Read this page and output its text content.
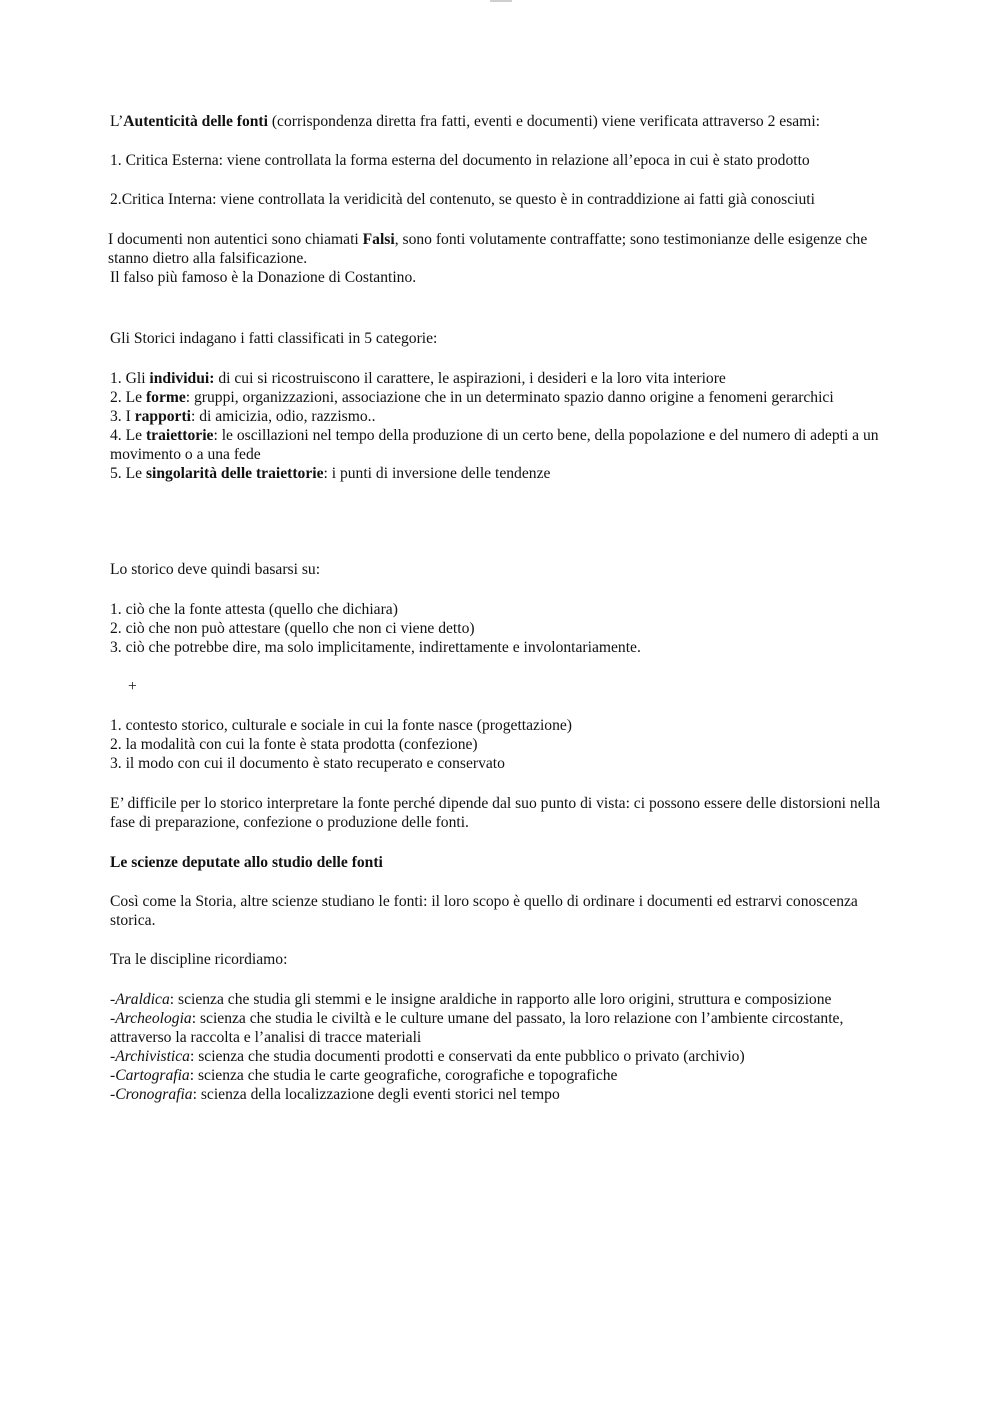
L’Autenticità delle fonti (corrispondenza diretta fra fatti, eventi e documenti) viene verificata attraverso 2 esami:

1. Critica Esterna: viene controllata la forma esterna del documento in relazione all’epoca in cui è stato prodotto

2.Critica Interna: viene controllata la veridicità del contenuto, se questo è in contraddizione ai fatti già conosciuti

I documenti non autentici sono chiamati Falsi, sono fonti volutamente contraffatte; sono testimonianze delle esigenze che stanno dietro alla falsificazione.

Il falso più famoso è la Donazione di Costantino.

Gli Storici indagano i fatti classificati in 5 categorie:

1. Gli individui: di cui si ricostruiscono il carattere, le aspirazioni, i desideri e la loro vita interiore

2. Le forme: gruppi, organizzazioni, associazione che in un determinato spazio danno origine a fenomeni gerarchici

3. I rapporti: di amicizia, odio, razzismo..

4. Le traiettorie: le oscillazioni nel tempo della produzione di un certo bene, della popolazione e del numero di adepti a un movimento o a una fede

5. Le singolarità delle traiettorie: i punti di inversione delle tendenze

Lo storico deve quindi basarsi su:

1. ciò che la fonte attesta (quello che dichiara)

2. ciò che non può attestare (quello che non ci viene detto)

3. ciò che potrebbe dire, ma solo implicitamente, indirettamente e involontariamente.

+

1. contesto storico, culturale e sociale in cui la fonte nasce (progettazione)

2. la modalità con cui la fonte è stata prodotta (confezione)

3. il modo con cui il documento è stato recuperato e conservato

E’ difficile per lo storico interpretare la fonte perché dipende dal suo punto di vista: ci possono essere delle distorsioni nella fase di preparazione, confezione o produzione delle fonti.

Le scienze deputate allo studio delle fonti

Così come la Storia, altre scienze studiano le fonti: il loro scopo è quello di ordinare i documenti ed estrarvi conoscenza storica.

Tra le discipline ricordiamo:

-Araldica: scienza che studia gli stemmi e le insigne araldiche in rapporto alle loro origini, struttura e composizione

-Archeologia: scienza che studia le civiltà e le culture umane del passato, la loro relazione con l’ambiente circostante, attraverso la raccolta e l’analisi di tracce materiali

-Archivistica: scienza che studia documenti prodotti e conservati da ente pubblico o privato (archivio)

-Cartografia: scienza che studia le carte geografiche, corografiche e topografiche

-Cronografia: scienza della localizzazione degli eventi storici nel tempo
